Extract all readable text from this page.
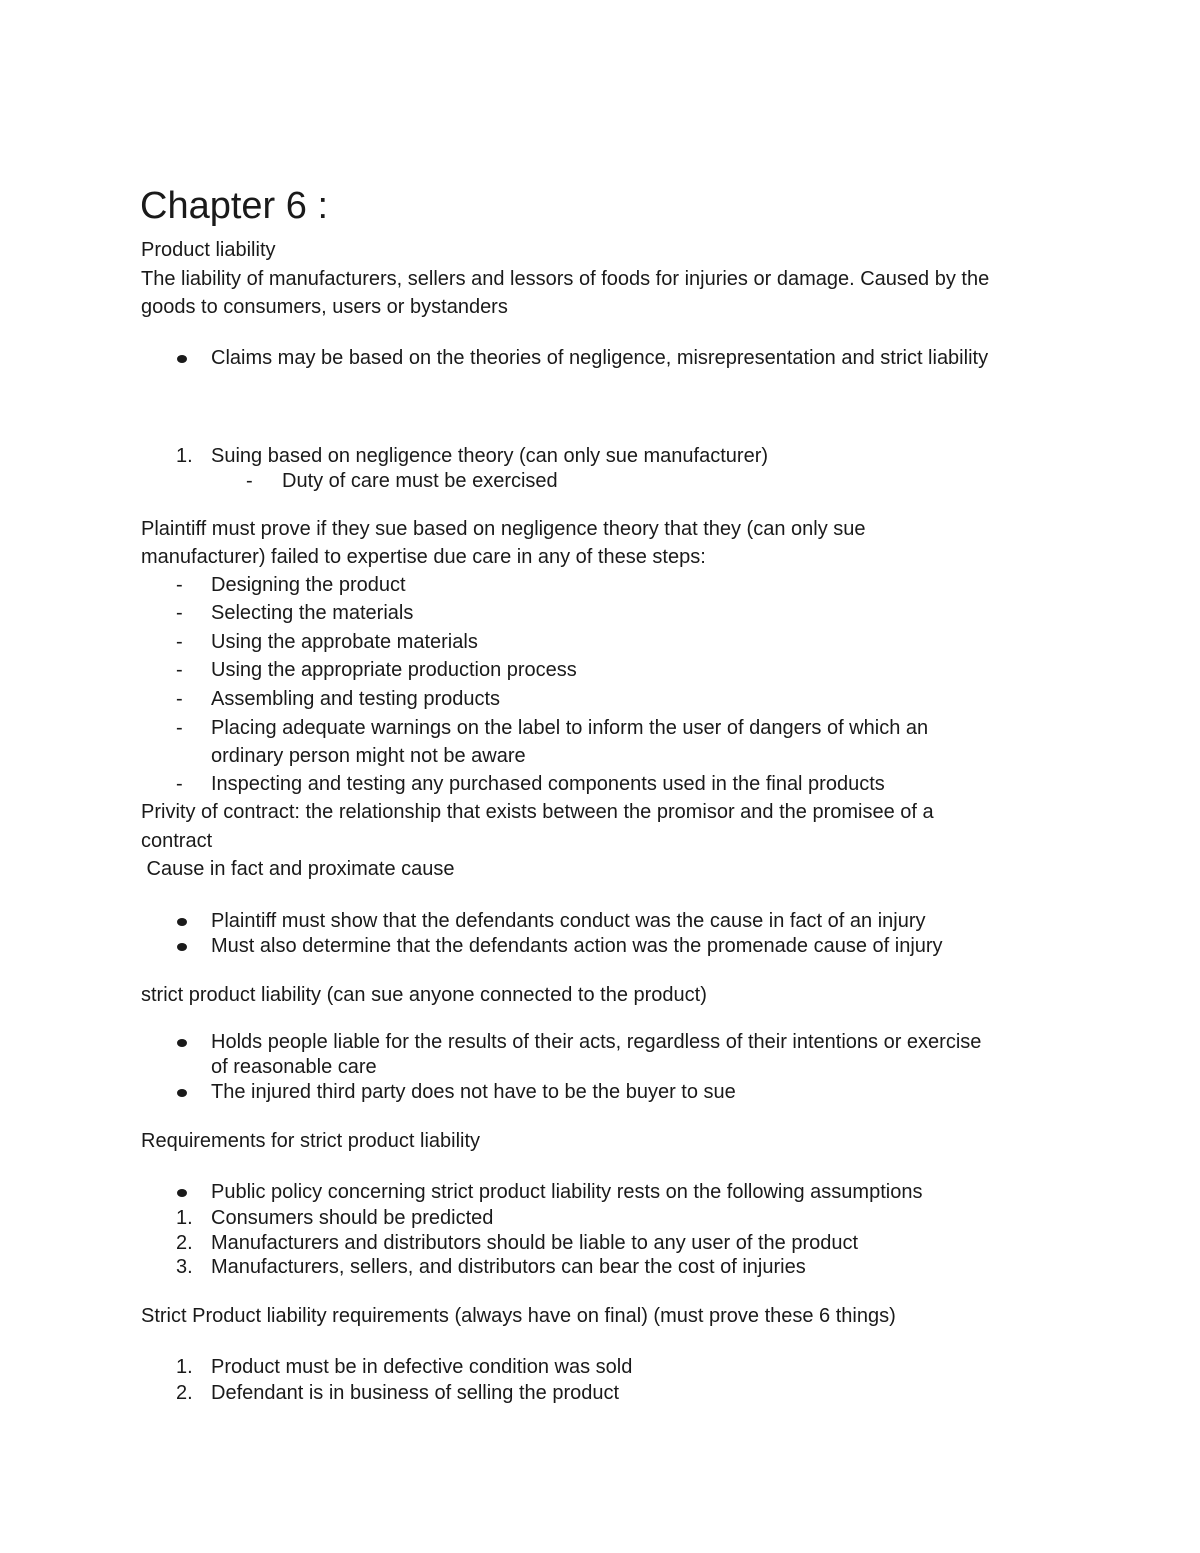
Chapter 6 :
Product liability
The liability of manufacturers, sellers and lessors of foods for injuries or damage. Caused by the
goods to consumers, users or bystanders
Claims may be based on the theories of negligence, misrepresentation and strict liability
1. Suing based on negligence theory (can only sue manufacturer)
- Duty of care must be exercised
Plaintiff must prove if they sue based on negligence theory that they (can only sue
manufacturer) failed to expertise due care in any of these steps:
- Designing the product
- Selecting the materials
- Using the approbate materials
- Using the appropriate production process
- Assembling and testing products
- Placing adequate warnings on the label to inform the user of dangers of which an
ordinary person might not be aware
- Inspecting and testing any purchased components used in the final products
Privity of contract: the relationship that exists between the promisor and the promisee of a
contract
Cause in fact and proximate cause
Plaintiff must show that the defendants conduct was the cause in fact of an injury
Must also determine that the defendants action was the promenade cause of injury
strict product liability (can sue anyone connected to the product)
Holds people liable for the results of their acts, regardless of their intentions or exercise
of reasonable care
The injured third party does not have to be the buyer to sue
Requirements for strict product liability
Public policy concerning strict product liability rests on the following assumptions
1. Consumers should be predicted
2. Manufacturers and distributors should be liable to any user of the product
3. Manufacturers, sellers, and distributors can bear the cost of injuries
Strict Product liability requirements (always have on final) (must prove these 6 things)
1. Product must be in defective condition was sold
2. Defendant is in business of selling the product
